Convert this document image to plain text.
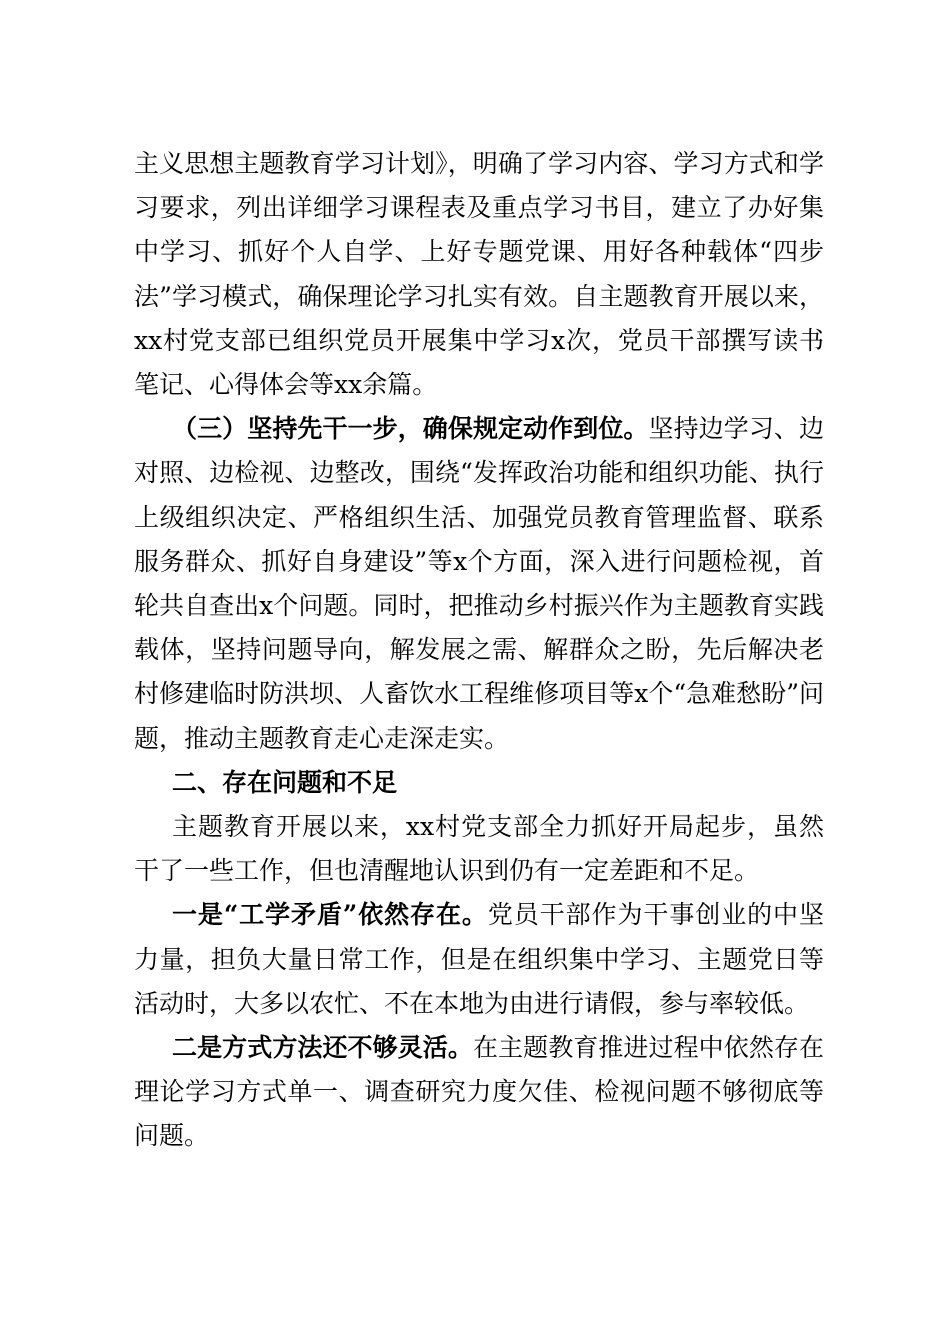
主义思想主题教育学习计划》，明确了学习内容、学习方式和学习要求，列出详细学习课程表及重点学习书目，建立了办好集中学习、抓好个人自学、上好专题党课、用好各种载体“四步法”学习模式，确保理论学习扎实有效。自主题教育开展以来，xx村党支部已组织党员开展集中学习x次，党员干部撰写读书笔记、心得体会等xx余篇。

（三）坚持先干一步，确保规定动作到位。坚持边学习、边对照、边检视、边整改，围绕“发挥政治功能和组织功能、执行上级组织决定、严格组织生活、加强党员教育管理监督、联系服务群众、抓好自身建设”等x个方面，深入进行问题检视，首轮共自查出x个问题。同时，把推动乡村振兴作为主题教育实践载体，坚持问题导向，解发展之需、解群众之盼，先后解决老村修建临时防洪坝、人畜饮水工程维修项目等x个“急难愁盼”问题，推动主题教育走心走深走实。

二、存在问题和不足

主题教育开展以来，xx村党支部全力抓好开局起步，虽然干了一些工作，但也清醒地认识到仍有一定差距和不足。

一是“工学矛盾”依然存在。党员干部作为干事创业的中坚力量，担负大量日常工作，但是在组织集中学习、主题党日等活动时，大多以农忙、不在本地为由进行请假，参与率较低。

二是方式方法还不够灵活。在主题教育推进过程中依然存在理论学习方式单一、调查研究力度欠佳、检视问题不够彻底等问题。
